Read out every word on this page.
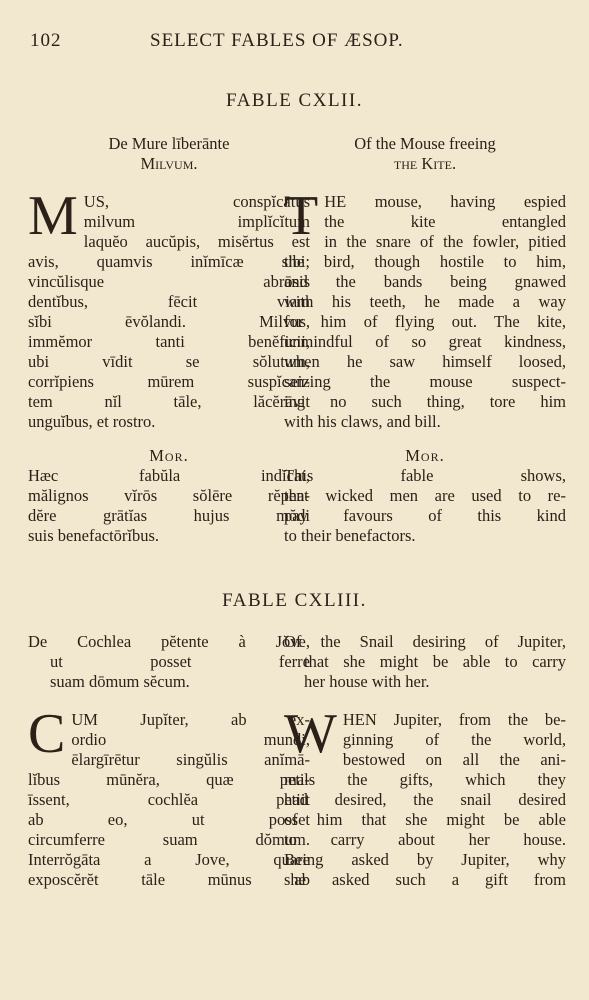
102	SELECT FABLES OF ÆSOP.
FABLE CXLII.
De Mure līberānte
Milvum.
M US, conspĭcātus
milvum implĭcĭtum
laquĕo aucŭpis, misĕrtus est
avis, quamvis inĭmīcæ sibi;
vincŭlisque abrōsis
dentĭbus, fēcit viam
sĭbi ēvŏlandi. Milvus,
immĕmor tanti benĕficii,
ubi vīdit se sŏlutum,
corrĭpiens mūrem suspĭcan-
tem nĭl tāle, lăcĕrāvit
unguĭbus, et rostro.
Mor.
Hæc fabŭla indĭcat,
mălignos vĭrōs sŏlēre rĕpen-
dĕre grātĭas hujus mŏdi
suis benefactōrĭbus.
Of the Mouse freeing
the Kite.
T HE mouse, having espied
the kite entangled
in the snare of the fowler, pitied
the bird, though hostile to him,
and the bands being gnawed
with his teeth, he made a way
for him of flying out. The kite,
unmindful of so great kindness,
when he saw himself loosed,
seizing the mouse suspect-
ing no such thing, tore him
with his claws, and bill.
Mor.
This fable shows,
that wicked men are used to re-
pay favours of this kind
to their benefactors.
FABLE CXLIII.
De Cochlea pĕtente à Jŏve,
ut posset ferre
suam dōmum sĕcum.
C UM Jupĭter, ab ex-
ordio mundi,
ēlargīrētur singŭlis anĭmā-
lĭbus mūnĕra, quæ peti-
īssent, cochlĕa petiit
ab eo, ut posset
circumferre suam dŏmum.
Interrŏgāta a Jove, quare
exposcĕrĕt tāle mūnus ab
Of the Snail desiring of Jupiter,
that she might be able to carry
her house with her.
W HEN Jupiter, from the be-
ginning of the world,
bestowed on all the ani-
mals the gifts, which they
had desired, the snail desired
of him that she might be able
to carry about her house.
Being asked by Jupiter, why
she asked such a gift from
